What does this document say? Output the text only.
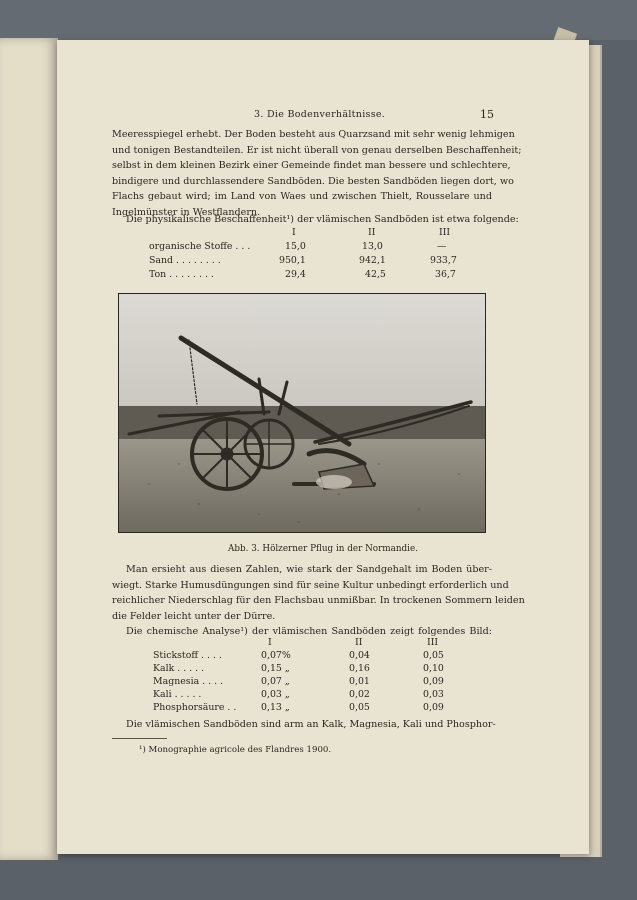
3. Die Bodenverhältnisse.	15
Meeresspiegel erhebt. Der Boden besteht aus Quarzsand mit sehr wenig lehmigen
und tonigen Bestandteilen. Er ist nicht überall von genau derselben Beschaffenheit;
selbst in dem kleinen Bezirk einer Gemeinde findet man bessere und schlechtere,
bindigere und durchlassendere Sandböden. Die besten Sandböden liegen dort, wo
Flachs gebaut wird; im Land von Waes und zwischen Thielt, Rousselare und
Ingelmünster in Westflandern.
Die physikalische Beschaffenheit¹) der vlämischen Sandböden ist etwa folgende:
I	II	III
organische Stoffe . . .	15,0	13,0	—
Sand . . . . . . . .	950,1	942,1	933,7
Ton . . . . . . . .	29,4	42,5	36,7
Abb. 3. Hölzerner Pflug in der Normandie.
Man ersieht aus diesen Zahlen, wie stark der Sandgehalt im Boden über-
wiegt. Starke Humusdüngungen sind für seine Kultur unbedingt erforderlich und
reichlicher Niederschlag für den Flachsbau unmißbar. In trockenen Sommern leiden
die Felder leicht unter der Dürre.
Die chemische Analyse¹) der vlämischen Sandböden zeigt folgendes Bild:
I	II	III
Stickstoff . . . .	0,07%	0,04	0,05
Kalk . . . . .	0,15 „	0,16	0,10
Magnesia . . . .	0,07 „	0,01	0,09
Kali . . . . .	0,03 „	0,02	0,03
Phosphorsäure . .	0,13 „	0,05	0,09
Die vlämischen Sandböden sind arm an Kalk, Magnesia, Kali und Phosphor-
¹) Monographie agricole des Flandres 1900.
